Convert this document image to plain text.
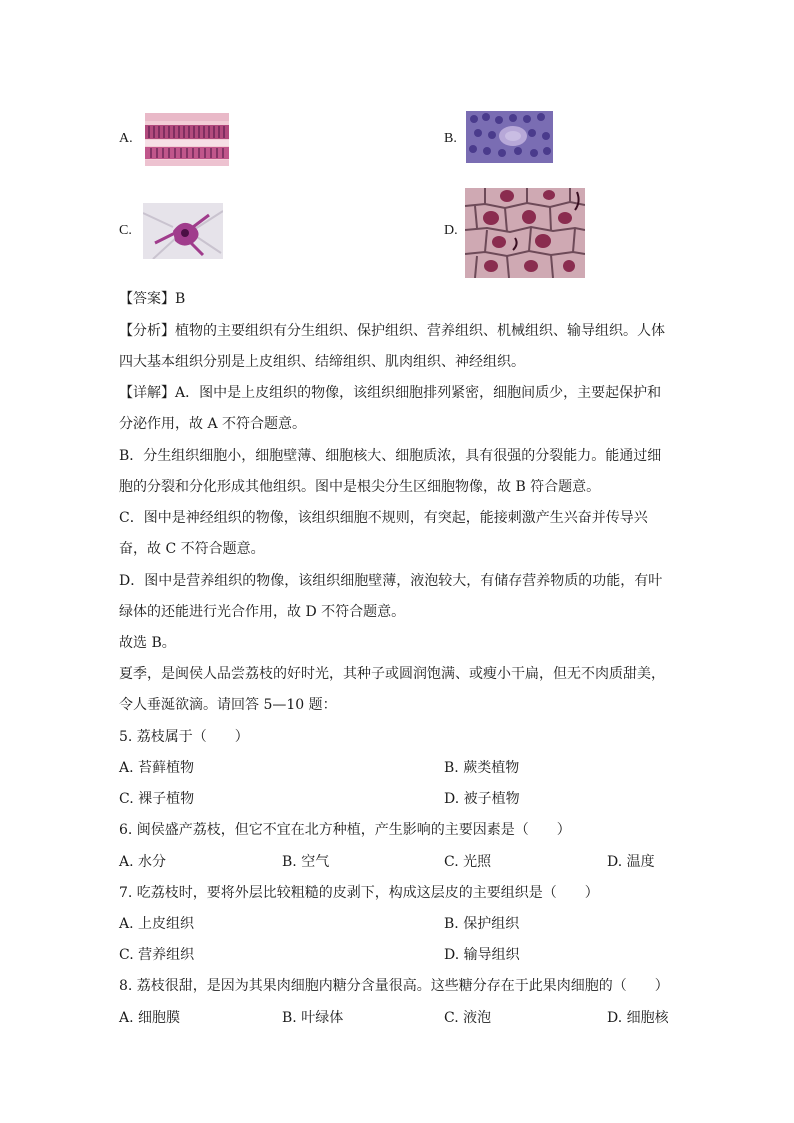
A.	B.
C.	D.
【答案】B
【分析】植物的主要组织有分生组织、保护组织、营养组织、机械组织、输导组织。人体
四大基本组织分别是上皮组织、结缔组织、肌肉组织、神经组织。
【详解】A．图中是上皮组织的物像，该组织细胞排列紧密，细胞间质少，主要起保护和
分泌作用，故 A 不符合题意。
B．分生组织细胞小，细胞壁薄、细胞核大、细胞质浓，具有很强的分裂能力。能通过细
胞的分裂和分化形成其他组织。图中是根尖分生区细胞物像，故 B 符合题意。
C．图中是神经组织的物像，该组织细胞不规则，有突起，能接刺激产生兴奋并传导兴
奋，故 C 不符合题意。
D．图中是营养组织的物像，该组织细胞壁薄，液泡较大，有储存营养物质的功能，有叶
绿体的还能进行光合作用，故 D 不符合题意。
故选 B。
夏季，是闽侯人品尝荔枝的好时光，其种子或圆润饱满、或瘦小干扁，但无不肉质甜美，
令人垂涎欲滴。请回答 5—10 题：
5. 荔枝属于（　　）
A. 苔藓植物	B. 蕨类植物
C. 裸子植物	D. 被子植物
6. 闽侯盛产荔枝，但它不宜在北方种植，产生影响的主要因素是（　　）
A. 水分	B. 空气	C. 光照	D. 温度
7. 吃荔枝时，要将外层比较粗糙的皮剥下，构成这层皮的主要组织是（　　）
A. 上皮组织	B. 保护组织
C. 营养组织	D. 输导组织
8. 荔枝很甜，是因为其果肉细胞内糖分含量很高。这些糖分存在于此果肉细胞的（　　）
A. 细胞膜	B. 叶绿体	C. 液泡	D. 细胞核
